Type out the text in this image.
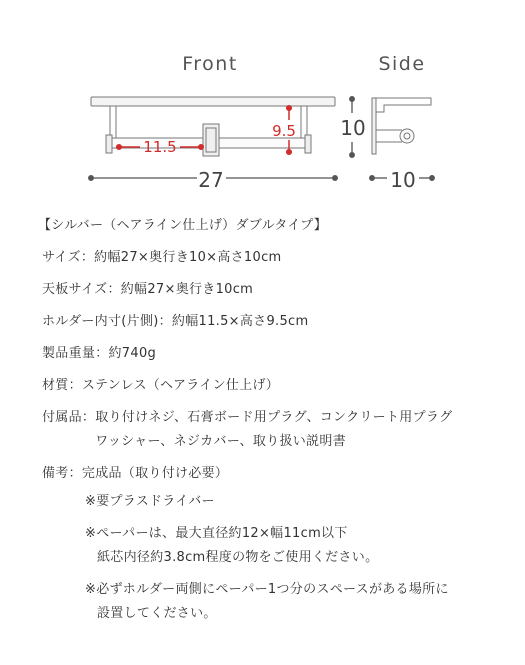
Front	Side
11.5
9.5
27
10
10
【シルバー（ヘアライン仕上げ）ダブルタイプ】
サイズ：約幅27×奥行き10×高さ10cm
天板サイズ：約幅27×奥行き10cm
ホルダー内寸(片側)：約幅11.5×高さ9.5cm
製品重量：約740g
材質：ステンレス（ヘアライン仕上げ）
付属品： 取り付けネジ、石膏ボード用プラグ、コンクリート用プラグ
ワッシャー、ネジカバー、取り扱い説明書
備考： 完成品（取り付け必要）
※要プラスドライバー
※ペーパーは、最大直径約12×幅11cm以下
紙芯内径約3.8cm程度の物をご使用ください。
※必ずホルダー両側にペーパー1つ分のスペースがある場所に
設置してください。
